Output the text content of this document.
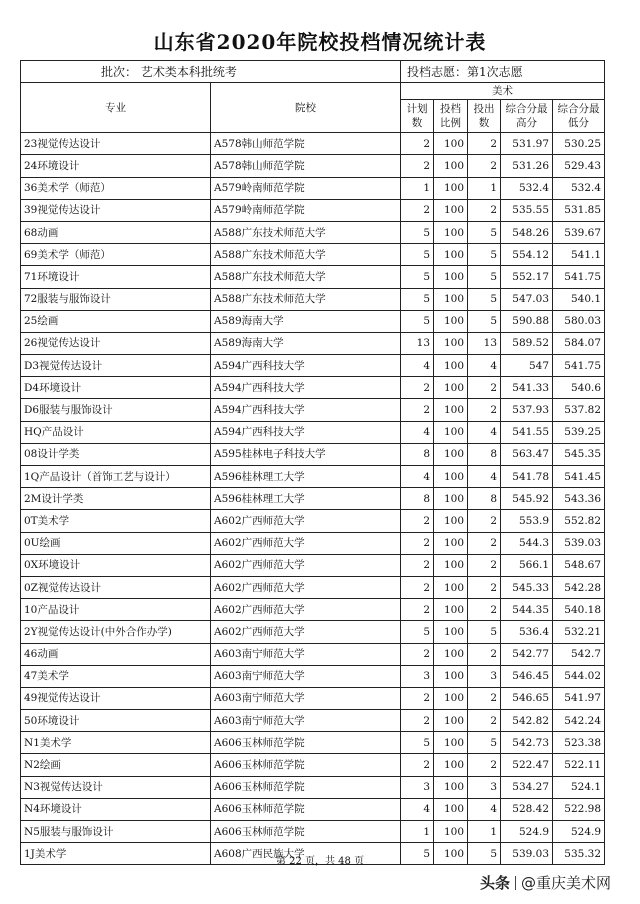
山东省2020年院校投档情况统计表
批次： 艺术类本科批统考		投档志愿：第1次志愿				
专业	院校	美术				
		计划数	投档比例	投出数	综合分最高分	综合分最低分
23视觉传达设计	A578韩山师范学院	2	100	2	531.97	530.25
24环境设计	A578韩山师范学院	2	100	2	531.26	529.43
36美术学（师范）	A579岭南师范学院	1	100	1	532.4	532.4
39视觉传达设计	A579岭南师范学院	2	100	2	535.55	531.85
68动画	A588广东技术师范大学	5	100	5	548.26	539.67
69美术学（师范）	A588广东技术师范大学	5	100	5	554.12	541.1
71环境设计	A588广东技术师范大学	5	100	5	552.17	541.75
72服装与服饰设计	A588广东技术师范大学	5	100	5	547.03	540.1
25绘画	A589海南大学	5	100	5	590.88	580.03
26视觉传达设计	A589海南大学	13	100	13	589.52	584.07
D3视觉传达设计	A594广西科技大学	4	100	4	547	541.75
D4环境设计	A594广西科技大学	2	100	2	541.33	540.6
D6服装与服饰设计	A594广西科技大学	2	100	2	537.93	537.82
HQ产品设计	A594广西科技大学	4	100	4	541.55	539.25
08设计学类	A595桂林电子科技大学	8	100	8	563.47	545.35
1Q产品设计（首饰工艺与设计）	A596桂林理工大学	4	100	4	541.78	541.45
2M设计学类	A596桂林理工大学	8	100	8	545.92	543.36
0T美术学	A602广西师范大学	2	100	2	553.9	552.82
0U绘画	A602广西师范大学	2	100	2	544.3	539.03
0X环境设计	A602广西师范大学	2	100	2	566.1	548.67
0Z视觉传达设计	A602广西师范大学	2	100	2	545.33	542.28
10产品设计	A602广西师范大学	2	100	2	544.35	540.18
2Y视觉传达设计(中外合作办学)	A602广西师范大学	5	100	5	536.4	532.21
46动画	A603南宁师范大学	2	100	2	542.77	542.7
47美术学	A603南宁师范大学	3	100	3	546.45	544.02
49视觉传达设计	A603南宁师范大学	2	100	2	546.65	541.97
50环境设计	A603南宁师范大学	2	100	2	542.82	542.24
N1美术学	A606玉林师范学院	5	100	5	542.73	523.38
N2绘画	A606玉林师范学院	2	100	2	522.47	522.11
N3视觉传达设计	A606玉林师范学院	3	100	3	534.27	524.1
N4环境设计	A606玉林师范学院	4	100	4	528.42	522.98
N5服装与服饰设计	A606玉林师范学院	1	100	1	524.9	524.9
1J美术学	A608广西民族大学	5	100	5	539.03	535.32
第 22 页，共 48 页
头条 @重庆美术网
